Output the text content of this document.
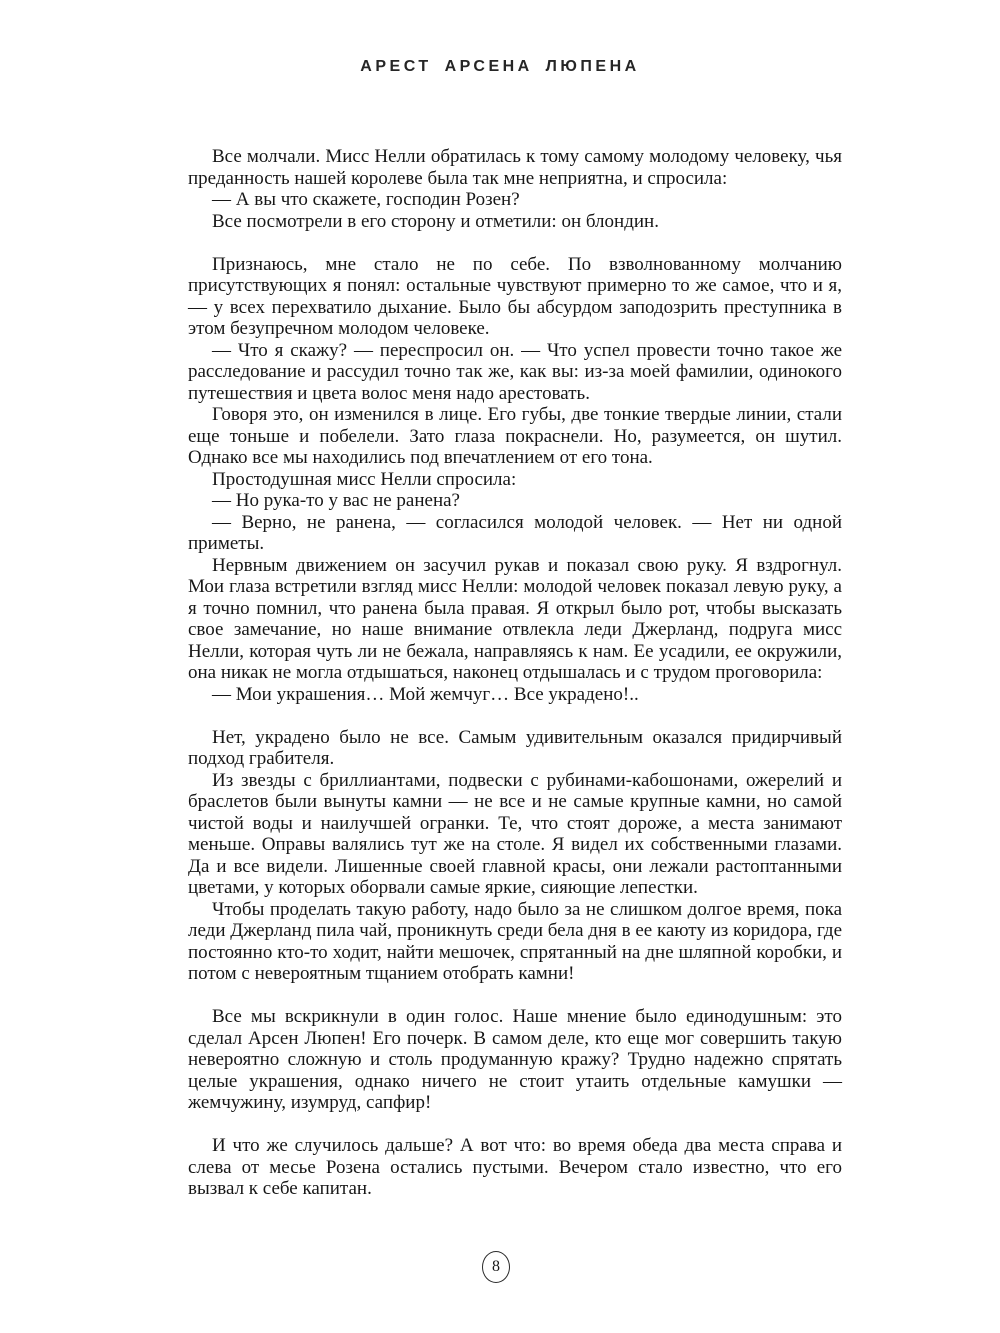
АРЕСТ АРСЕНА ЛЮПЕНА

Все молчали. Мисс Нелли обратилась к тому самому молодому человеку, чья преданность нашей королеве была так мне неприятна, и спросила:

— А вы что скажете, господин Розен?

Все посмотрели в его сторону и отметили: он блондин.

Признаюсь, мне стало не по себе. По взволнованному молчанию присутствующих я понял: остальные чувствуют примерно то же самое, что и я, — у всех перехватило дыхание. Было бы абсурдом заподозрить преступника в этом безупречном молодом человеке.

— Что я скажу? — переспросил он. — Что успел провести точно такое же расследование и рассудил точно так же, как вы: из-за моей фамилии, одинокого путешествия и цвета волос меня надо арестовать.

Говоря это, он изменился в лице. Его губы, две тонкие твердые линии, стали еще тоньше и побелели. Зато глаза покраснели. Но, разумеется, он шутил. Однако все мы находились под впечатлением от его тона.

Простодушная мисс Нелли спросила:

— Но рука-то у вас не ранена?

— Верно, не ранена, — согласился молодой человек. — Нет ни одной приметы.

Нервным движением он засучил рукав и показал свою руку. Я вздрогнул. Мои глаза встретили взгляд мисс Нелли: молодой человек показал левую руку, а я точно помнил, что ранена была правая. Я открыл было рот, чтобы высказать свое замечание, но наше внимание отвлекла леди Джерланд, подруга мисс Нелли, которая чуть ли не бежала, направляясь к нам. Ее усадили, ее окружили, она никак не могла отдышаться, наконец отдышалась и с трудом проговорила:

— Мои украшения… Мой жемчуг… Все украдено!..

Нет, украдено было не все. Самым удивительным оказался придирчивый подход грабителя.

Из звезды с бриллиантами, подвески с рубинами-кабошонами, ожерелий и браслетов были вынуты камни — не все и не самые крупные камни, но самой чистой воды и наилучшей огранки. Те, что стоят дороже, а места занимают меньше. Оправы валялись тут же на столе. Я видел их собственными глазами. Да и все видели. Лишенные своей главной красы, они лежали растоптанными цветами, у которых оборвали самые яркие, сияющие лепестки.

Чтобы проделать такую работу, надо было за не слишком долгое время, пока леди Джерланд пила чай, проникнуть среди бела дня в ее каюту из коридора, где постоянно кто-то ходит, найти мешочек, спрятанный на дне шляпной коробки, и потом с невероятным тщанием отобрать камни!

Все мы вскрикнули в один голос. Наше мнение было единодушным: это сделал Арсен Люпен! Его почерк. В самом деле, кто еще мог совершить такую невероятно сложную и столь продуманную кражу? Трудно надежно спрятать целые украшения, однако ничего не стоит утаить отдельные камушки — жемчужину, изумруд, сапфир!

И что же случилось дальше? А вот что: во время обеда два места справа и слева от месье Розена остались пустыми. Вечером стало известно, что его вызвал к себе капитан.

8
